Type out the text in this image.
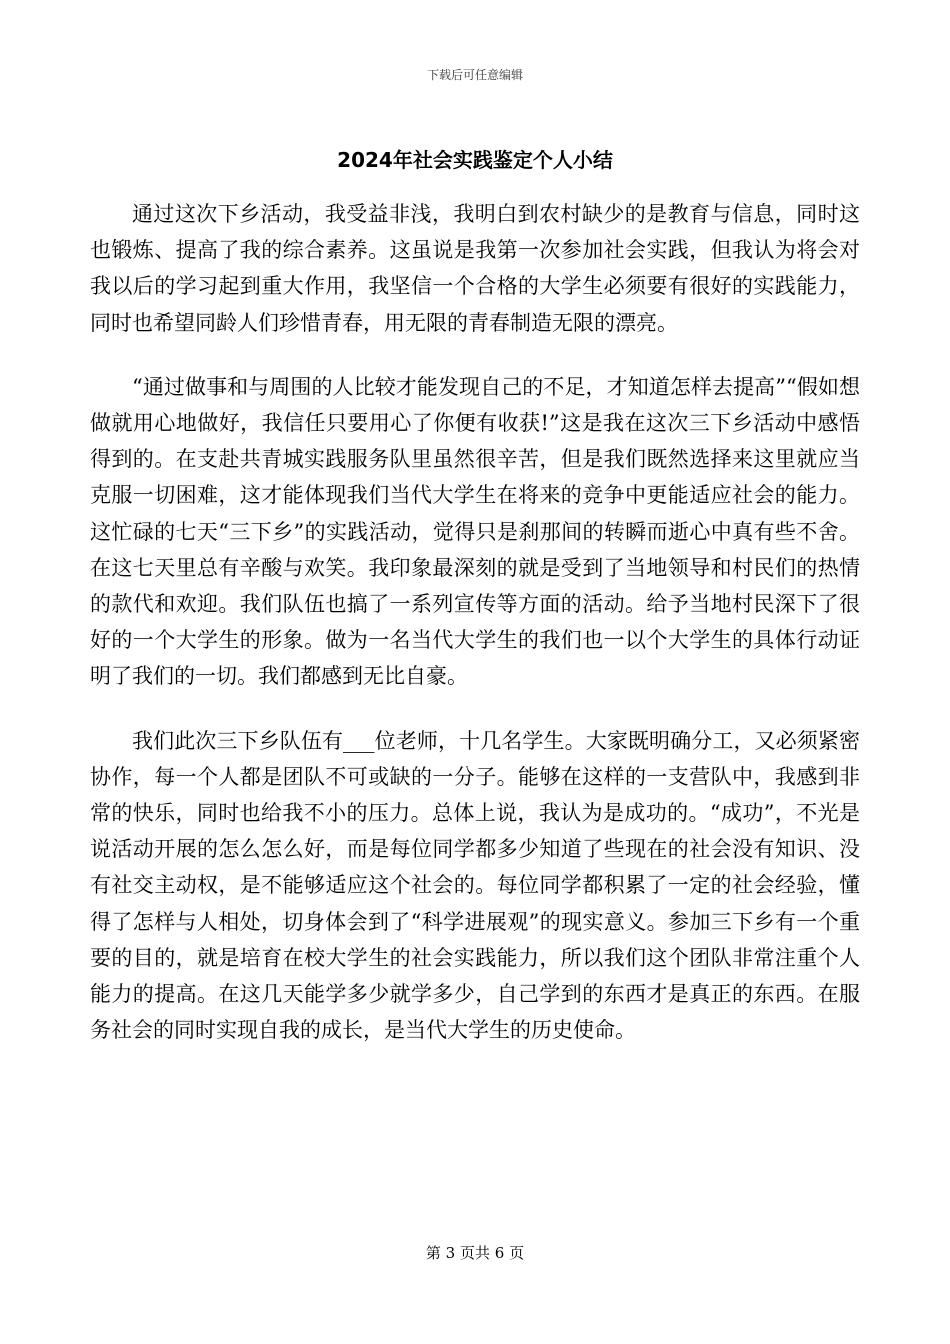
下载后可任意编辑
2024年社会实践鉴定个人小结

通过这次下乡活动，我受益非浅，我明白到农村缺少的是教育与信息，同时这也锻炼、提高了我的综合素养。这虽说是我第一次参加社会实践，但我认为将会对我以后的学习起到重大作用，我坚信一个合格的大学生必须要有很好的实践能力，同时也希望同龄人们珍惜青春，用无限的青春制造无限的漂亮。

“通过做事和与周围的人比较才能发现自己的不足，才知道怎样去提高”“假如想做就用心地做好，我信任只要用心了你便有收获!”这是我在这次三下乡活动中感悟得到的。在支赴共青城实践服务队里虽然很辛苦，但是我们既然选择来这里就应当克服一切困难，这才能体现我们当代大学生在将来的竞争中更能适应社会的能力。这忙碌的七天“三下乡”的实践活动，觉得只是刹那间的转瞬而逝心中真有些不舍。在这七天里总有辛酸与欢笑。我印象最深刻的就是受到了当地领导和村民们的热情的款代和欢迎。我们队伍也搞了一系列宣传等方面的活动。给予当地村民深下了很好的一个大学生的形象。做为一名当代大学生的我们也一以个大学生的具体行动证明了我们的一切。我们都感到无比自豪。

我们此次三下乡队伍有___位老师，十几名学生。大家既明确分工，又必须紧密协作，每一个人都是团队不可或缺的一分子。能够在这样的一支营队中，我感到非常的快乐，同时也给我不小的压力。总体上说，我认为是成功的。“成功”，不光是说活动开展的怎么怎么好，而是每位同学都多少知道了些现在的社会没有知识、没有社交主动权，是不能够适应这个社会的。每位同学都积累了一定的社会经验，懂得了怎样与人相处，切身体会到了“科学进展观”的现实意义。参加三下乡有一个重要的目的，就是培育在校大学生的社会实践能力，所以我们这个团队非常注重个人能力的提高。在这几天能学多少就学多少，自己学到的东西才是真正的东西。在服务社会的同时实现自我的成长，是当代大学生的历史使命。

第 3 页共 6 页
